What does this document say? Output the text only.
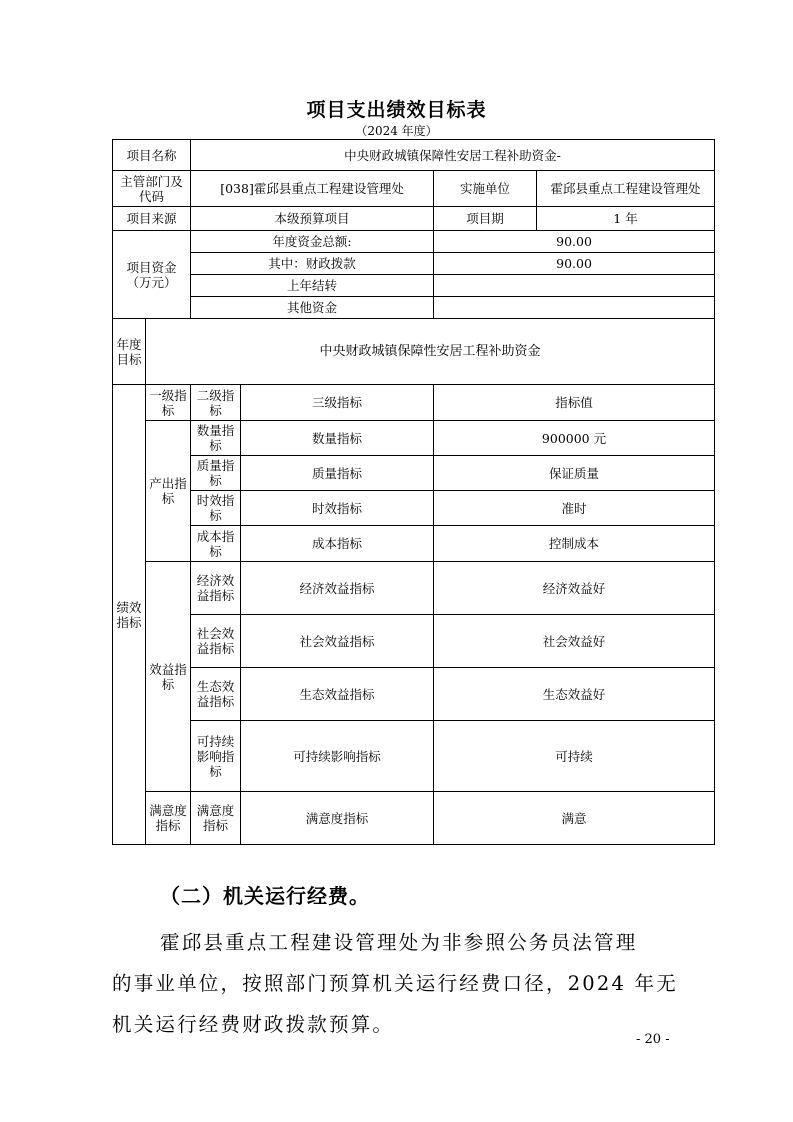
项目支出绩效目标表
（2024 年度）
项目名称		中央财政城镇保障性安居工程补助资金-			
主管部门及代码		[038]霍邱县重点工程建设管理处		实施单位	霍邱县重点工程建设管理处
项目来源		本级预算项目		项目期	1 年
项目资金（万元）		年度资金总额:		90.00	
		其中：财政拨款		90.00	
		上年结转			
		其他资金			
年度目标	中央财政城镇保障性安居工程补助资金				
绩效指标	一级指标	二级指标	三级指标	指标值	
	产出指标	数量指标	数量指标	900000 元	
		质量指标	质量指标	保证质量	
		时效指标	时效指标	准时	
		成本指标	成本指标	控制成本	
	效益指标	经济效益指标	经济效益指标	经济效益好	
		社会效益指标	社会效益指标	社会效益好	
		生态效益指标	生态效益指标	生态效益好	
		可持续影响指标	可持续影响指标	可持续	
	满意度指标	满意度指标	满意度指标	满意	
（二）机关运行经费。
霍邱县重点工程建设管理处为非参照公务员法管理
的事业单位，按照部门预算机关运行经费口径，2024 年无
机关运行经费财政拨款预算。
- 20 -
